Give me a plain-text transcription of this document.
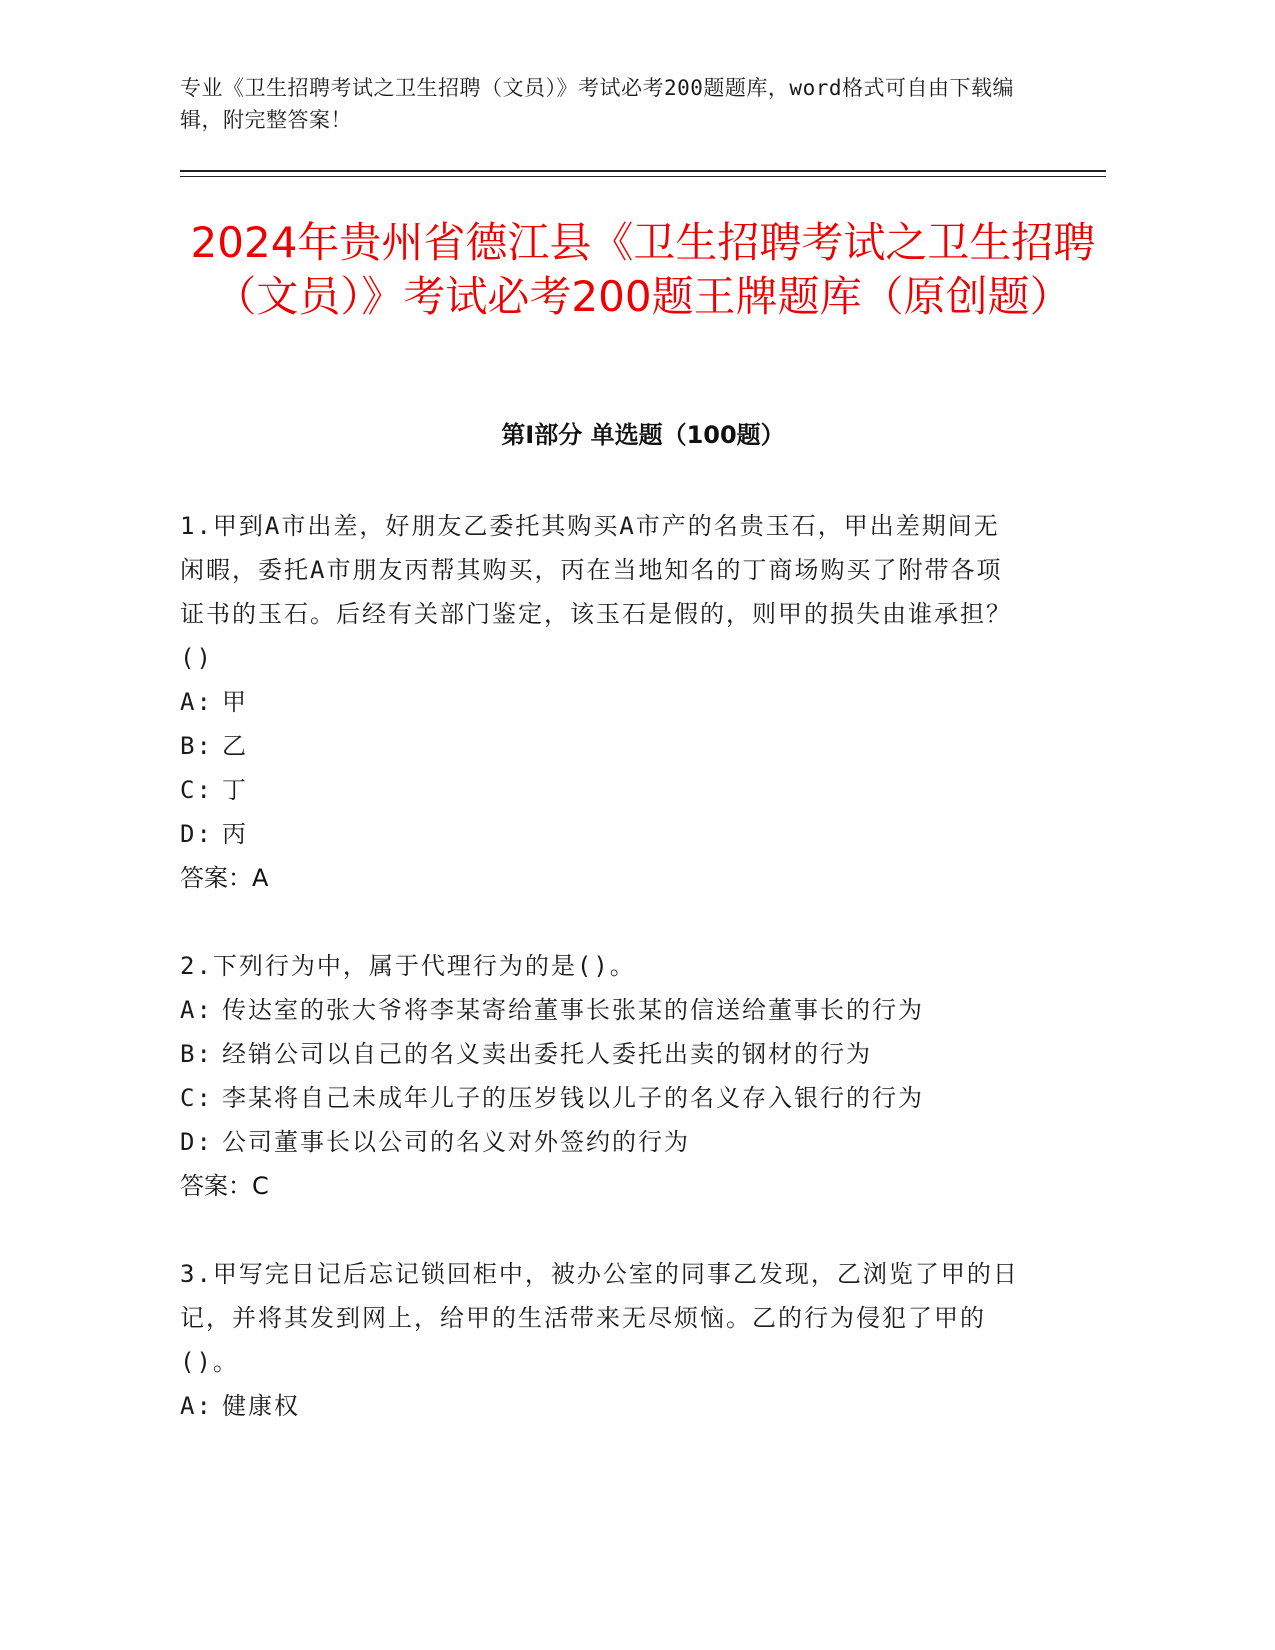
专业《卫生招聘考试之卫生招聘（文员）》考试必考200题题库，word格式可自由下载编辑，附完整答案！
2024年贵州省德江县《卫生招聘考试之卫生招聘（文员）》考试必考200题王牌题库（原创题）
第Ⅰ部分 单选题（100题）

1.甲到A市出差，好朋友乙委托其购买A市产的名贵玉石，甲出差期间无闲暇，委托A市朋友丙帮其购买，丙在当地知名的丁商场购买了附带各项证书的玉石。后经有关部门鉴定，该玉石是假的，则甲的损失由谁承担？()

A: 甲

B: 乙

C: 丁

D: 丙

答案：A

2.下列行为中，属于代理行为的是()。

A: 传达室的张大爷将李某寄给董事长张某的信送给董事长的行为

B: 经销公司以自己的名义卖出委托人委托出卖的钢材的行为

C: 李某将自己未成年儿子的压岁钱以儿子的名义存入银行的行为

D: 公司董事长以公司的名义对外签约的行为

答案：C

3.甲写完日记后忘记锁回柜中，被办公室的同事乙发现，乙浏览了甲的日记，并将其发到网上，给甲的生活带来无尽烦恼。乙的行为侵犯了甲的()。

A: 健康权
